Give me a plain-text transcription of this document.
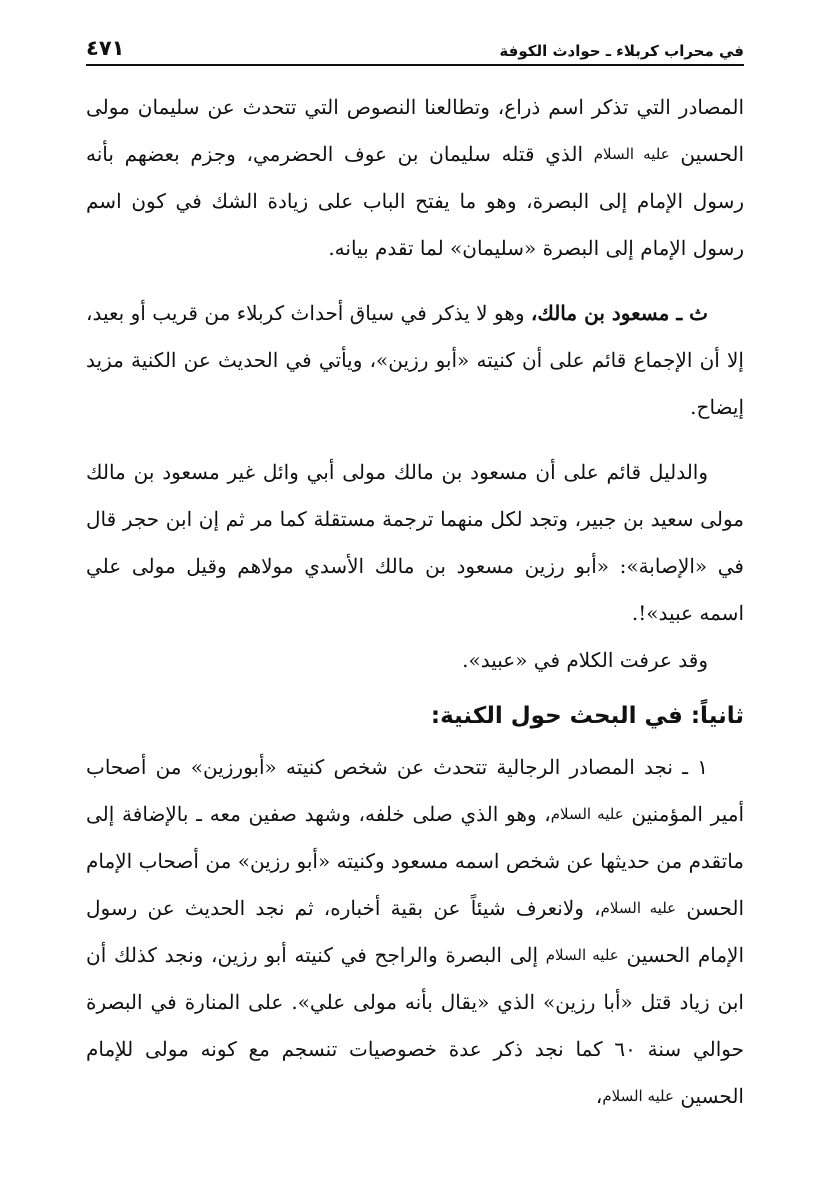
في محراب كربلاء ـ حوادث الكوفة
٤٧١

المصادر التي تذكر اسم ذراع، وتطالعنا النصوص التي تتحدث عن سليمان مولى الحسين عليه السلام الذي قتله سليمان بن عوف الحضرمي، وجزم بعضهم بأنه رسول الإمام إلى البصرة، وهو ما يفتح الباب على زيادة الشك في كون اسم رسول الإمام إلى البصرة «سليمان» لما تقدم بيانه.

ث ـ مسعود بن مالك، وهو لا يذكر في سياق أحداث كربلاء من قريب أو بعيد، إلا أن الإجماع قائم على أن كنيته «أبو رزين»، ويأتي في الحديث عن الكنية مزيد إيضاح.

والدليل قائم على أن مسعود بن مالك مولى أبي وائل غير مسعود بن مالك مولى سعيد بن جبير، وتجد لكل منهما ترجمة مستقلة كما مر ثم إن ابن حجر قال في «الإصابة»: «أبو رزين مسعود بن مالك الأسدي مولاهم وقيل مولى علي اسمه عبيد»!.

وقد عرفت الكلام في «عبيد».

ثانياً: في البحث حول الكنية:

١ ـ نجد المصادر الرجالية تتحدث عن شخص كنيته «أبورزين» من أصحاب أمير المؤمنين عليه السلام، وهو الذي صلى خلفه، وشهد صفين معه ـ بالإضافة إلى ماتقدم من حديثها عن شخص اسمه مسعود وكنيته «أبو رزين» من أصحاب الإمام الحسن عليه السلام، ولانعرف شيئاً عن بقية أخباره، ثم نجد الحديث عن رسول الإمام الحسين عليه السلام إلى البصرة والراجح في كنيته أبو رزين، ونجد كذلك أن ابن زياد قتل «أبا رزين» الذي «يقال بأنه مولى علي». على المنارة في البصرة حوالي سنة ٦٠ كما نجد ذكر عدة خصوصيات تنسجم مع كونه مولى للإمام الحسين عليه السلام،
